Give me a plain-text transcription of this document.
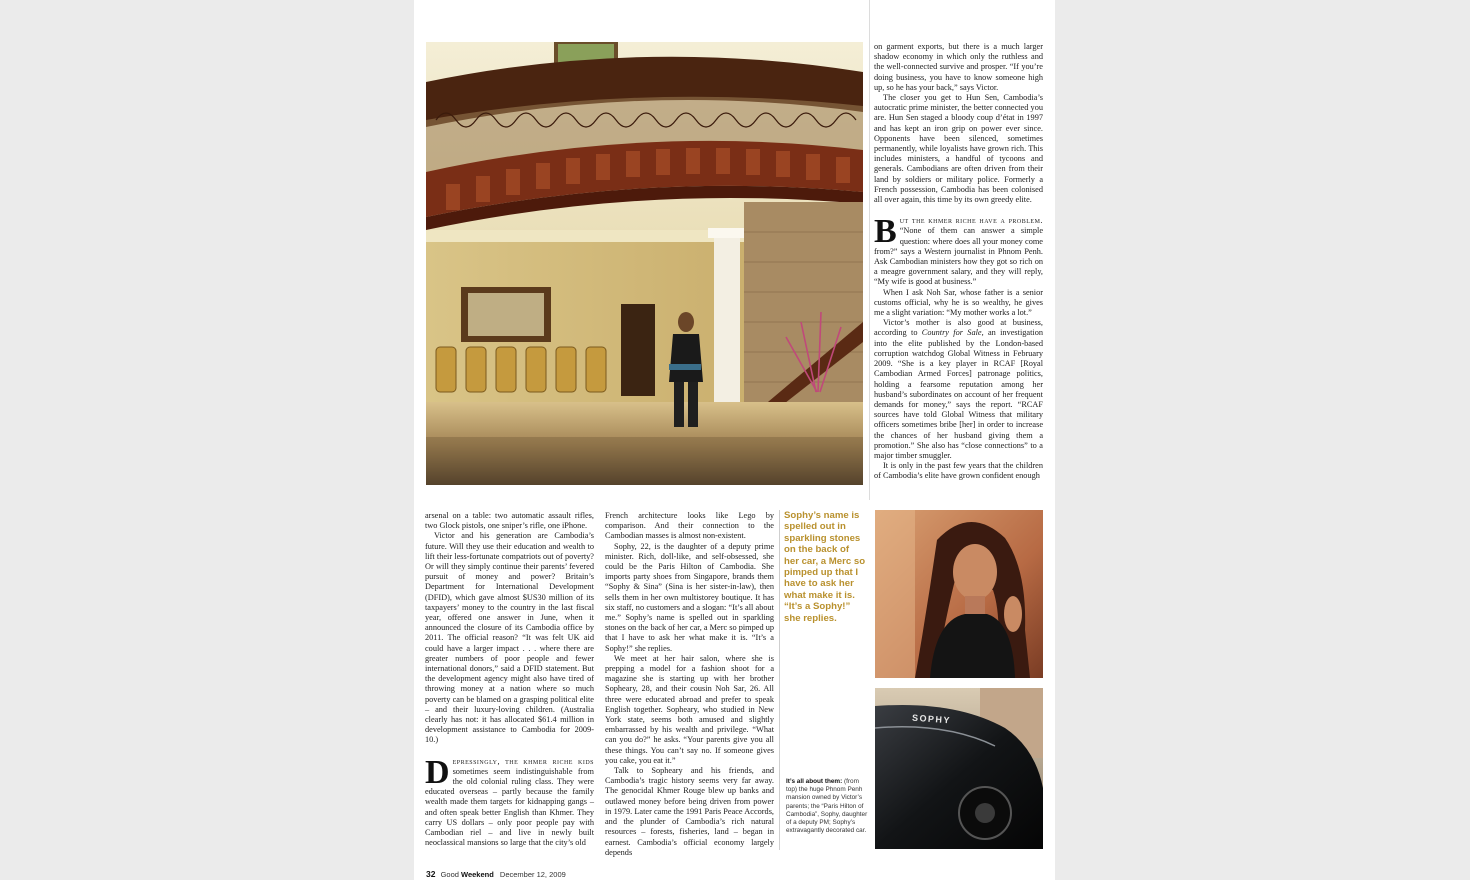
on garment exports, but there is a much larger shadow economy in which only the ruthless and the well-connected survive and prosper. “If you’re doing business, you have to know someone high up, so he has your back,” says Victor.

The closer you get to Hun Sen, Cambodia’s autocratic prime minister, the better connected you are. Hun Sen staged a bloody coup d’état in 1997 and has kept an iron grip on power ever since. Opponents have been silenced, sometimes permanently, while loyalists have grown rich. This includes ministers, a handful of tycoons and generals. Cambodians are often driven from their land by soldiers or military police. Formerly a French possession, Cambodia has been colonised all over again, this time by its own greedy elite.

But the khmer riche have a problem. “None of them can answer a simple question: where does all your money come from?” says a Western journalist in Phnom Penh. Ask Cambodian ministers how they got so rich on a meagre government salary, and they will reply, “My wife is good at business.”

When I ask Noh Sar, whose father is a senior customs official, why he is so wealthy, he gives me a slight variation: “My mother works a lot.”

Victor’s mother is also good at business, according to Country for Sale, an investigation into the elite published by the London-based corruption watchdog Global Witness in February 2009. “She is a key player in RCAF [Royal Cambodian Armed Forces] patronage politics, holding a fearsome reputation among her husband’s subordinates on account of her frequent demands for money,” says the report. “RCAF sources have told Global Witness that military officers sometimes bribe [her] in order to increase the chances of her husband giving them a promotion.” She also has “close connections” to a major timber smuggler.

It is only in the past few years that the children of Cambodia’s elite have grown confident enough

arsenal on a table: two automatic assault rifles, two Glock pistols, one sniper’s rifle, one iPhone.

Victor and his generation are Cambodia’s future. Will they use their education and wealth to lift their less-fortunate compatriots out of poverty? Or will they simply continue their parents’ fevered pursuit of money and power? Britain’s Department for International Development (DFID), which gave almost $US30 million of its taxpayers’ money to the country in the last fiscal year, offered one answer in June, when it announced the closure of its Cambodia office by 2011. The official reason? “It was felt UK aid could have a larger impact . . . where there are greater numbers of poor people and fewer international donors,” said a DFID statement. But the development agency might also have tired of throwing money at a nation where so much poverty can be blamed on a grasping political elite – and their luxury-loving children. (Australia clearly has not: it has allocated $61.4 million in development assistance to Cambodia for 2009-10.)

Depressingly, the khmer riche kids sometimes seem indistinguishable from the old colonial ruling class. They were educated overseas – partly because the family wealth made them targets for kidnapping gangs – and often speak better English than Khmer. They carry US dollars – only poor people pay with Cambodian riel – and live in newly built neoclassical mansions so large that the city’s old

French architecture looks like Lego by comparison. And their connection to the Cambodian masses is almost non-existent.

Sophy, 22, is the daughter of a deputy prime minister. Rich, doll-like, and self-obsessed, she could be the Paris Hilton of Cambodia. She imports party shoes from Singapore, brands them “Sophy & Sina” (Sina is her sister-in-law), then sells them in her own multistorey boutique. It has six staff, no customers and a slogan: “It’s all about me.” Sophy’s name is spelled out in sparkling stones on the back of her car, a Merc so pimped up that I have to ask her what make it is. “It’s a Sophy!” she replies.

We meet at her hair salon, where she is prepping a model for a fashion shoot for a magazine she is starting up with her brother Sopheary, 28, and their cousin Noh Sar, 26. All three were educated abroad and prefer to speak English together. Sopheary, who studied in New York state, seems both amused and slightly embarrassed by his wealth and privilege. “What can you do?” he asks. “Your parents give you all these things. You can’t say no. If someone gives you cake, you eat it.”

Talk to Sopheary and his friends, and Cambodia’s tragic history seems very far away. The genocidal Khmer Rouge blew up banks and outlawed money before being driven from power in 1979. Later came the 1991 Paris Peace Accords, and the plunder of Cambodia’s rich natural resources – forests, fisheries, land – began in earnest. Cambodia’s official economy largely depends

Sophy’s name is spelled out in sparkling stones on the back of her car, a Merc so pimped up that I have to ask her what make it is. “It’s a Sophy!” she replies.

It’s all about them: (from top) the huge Phnom Penh mansion owned by Victor’s parents; the “Paris Hilton of Cambodia”, Sophy, daughter of a deputy PM; Sophy’s extravagantly decorated car.

SOPHY
32 Good Weekend December 12, 2009
